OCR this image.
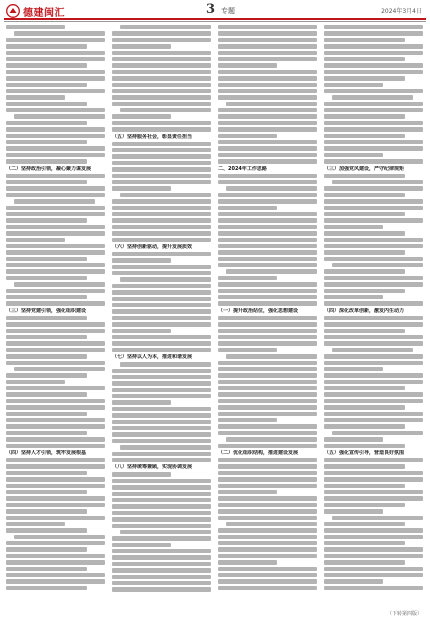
德建闽汇	3 专题	2024年3月4日
（二）坚持政治引领，凝心聚力谋发展
（三）坚持党建引领，强化组织建设
（四）坚持人才引领，筑牢发展根基
（五）坚持服务社会，彰显责任担当
（六）坚持创新驱动，提升发展质效
（七）坚持以人为本，推进和谐发展
（八）坚持统筹兼顾，实现协调发展
二、2024年工作思路
（一）提升政治站位，强化思想建设
（二）优化组织结构，推进建设发展
（三）加强党风建设，严守纪律规矩
（四）深化改革创新，激发内生动力
（五）强化宣传引导，营造良好氛围
（下转第四版）
